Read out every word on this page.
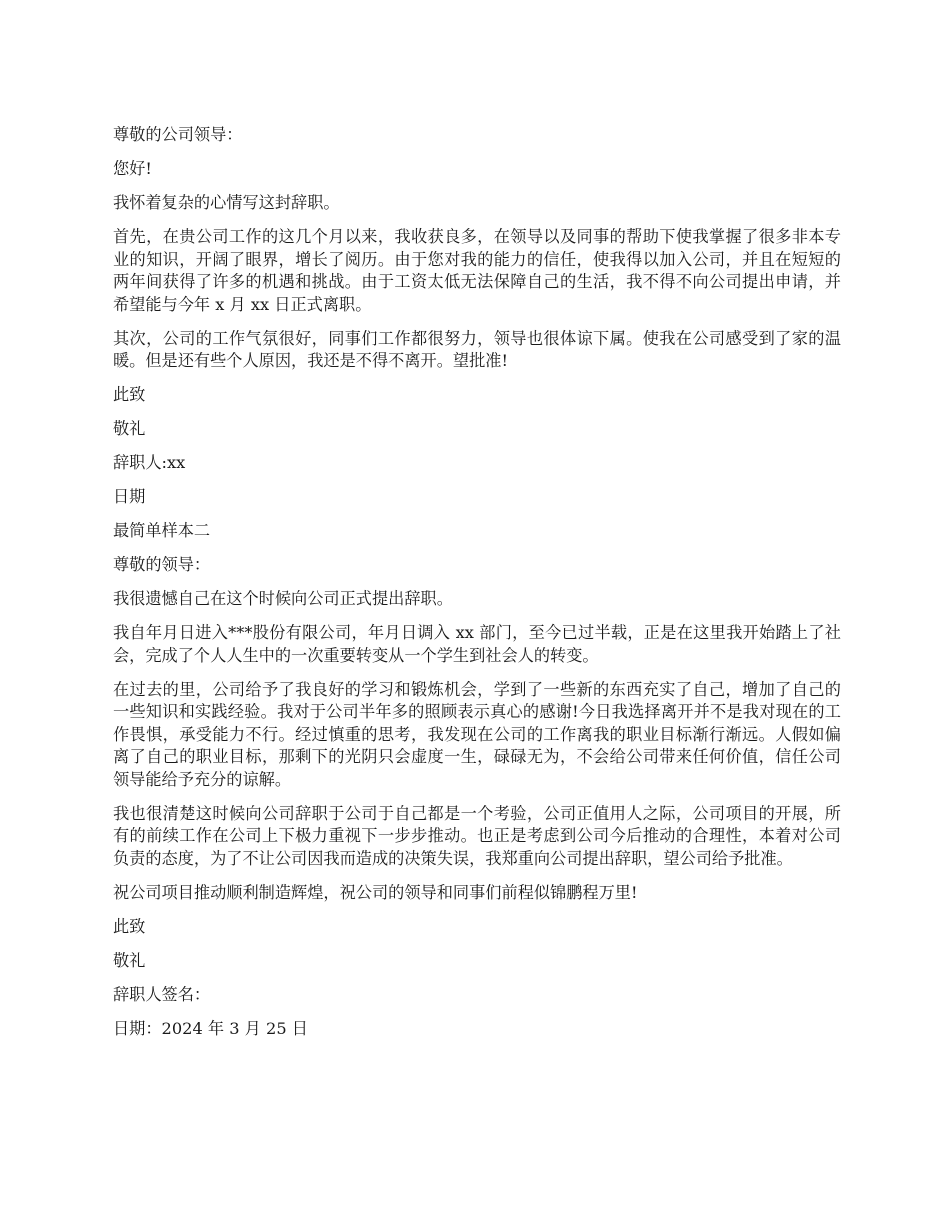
尊敬的公司领导：

您好!

我怀着复杂的心情写这封辞职。

首先，在贵公司工作的这几个月以来，我收获良多，在领导以及同事的帮助下使我掌握了很多非本专业的知识，开阔了眼界，增长了阅历。由于您对我的能力的信任，使我得以加入公司，并且在短短的两年间获得了许多的机遇和挑战。由于工资太低无法保障自己的生活，我不得不向公司提出申请，并希望能与今年 x 月 xx 日正式离职。

其次，公司的工作气氛很好，同事们工作都很努力，领导也很体谅下属。使我在公司感受到了家的温暖。但是还有些个人原因，我还是不得不离开。望批准!

此致

敬礼

辞职人:xx

日期

最简单样本二

尊敬的领导：

我很遗憾自己在这个时候向公司正式提出辞职。

我自年月日进入***股份有限公司，年月日调入 xx 部门，至今已过半载，正是在这里我开始踏上了社会，完成了个人人生中的一次重要转变从一个学生到社会人的转变。

在过去的里，公司给予了我良好的学习和锻炼机会，学到了一些新的东西充实了自己，增加了自己的一些知识和实践经验。我对于公司半年多的照顾表示真心的感谢!今日我选择离开并不是我对现在的工作畏惧，承受能力不行。经过慎重的思考，我发现在公司的工作离我的职业目标渐行渐远。人假如偏离了自己的职业目标，那剩下的光阴只会虚度一生，碌碌无为，不会给公司带来任何价值，信任公司领导能给予充分的谅解。

我也很清楚这时候向公司辞职于公司于自己都是一个考验，公司正值用人之际，公司项目的开展，所有的前续工作在公司上下极力重视下一步步推动。也正是考虑到公司今后推动的合理性，本着对公司负责的态度，为了不让公司因我而造成的决策失误，我郑重向公司提出辞职，望公司给予批准。

祝公司项目推动顺利制造辉煌，祝公司的领导和同事们前程似锦鹏程万里!

此致

敬礼

辞职人签名：

日期：2024 年 3 月 25 日
